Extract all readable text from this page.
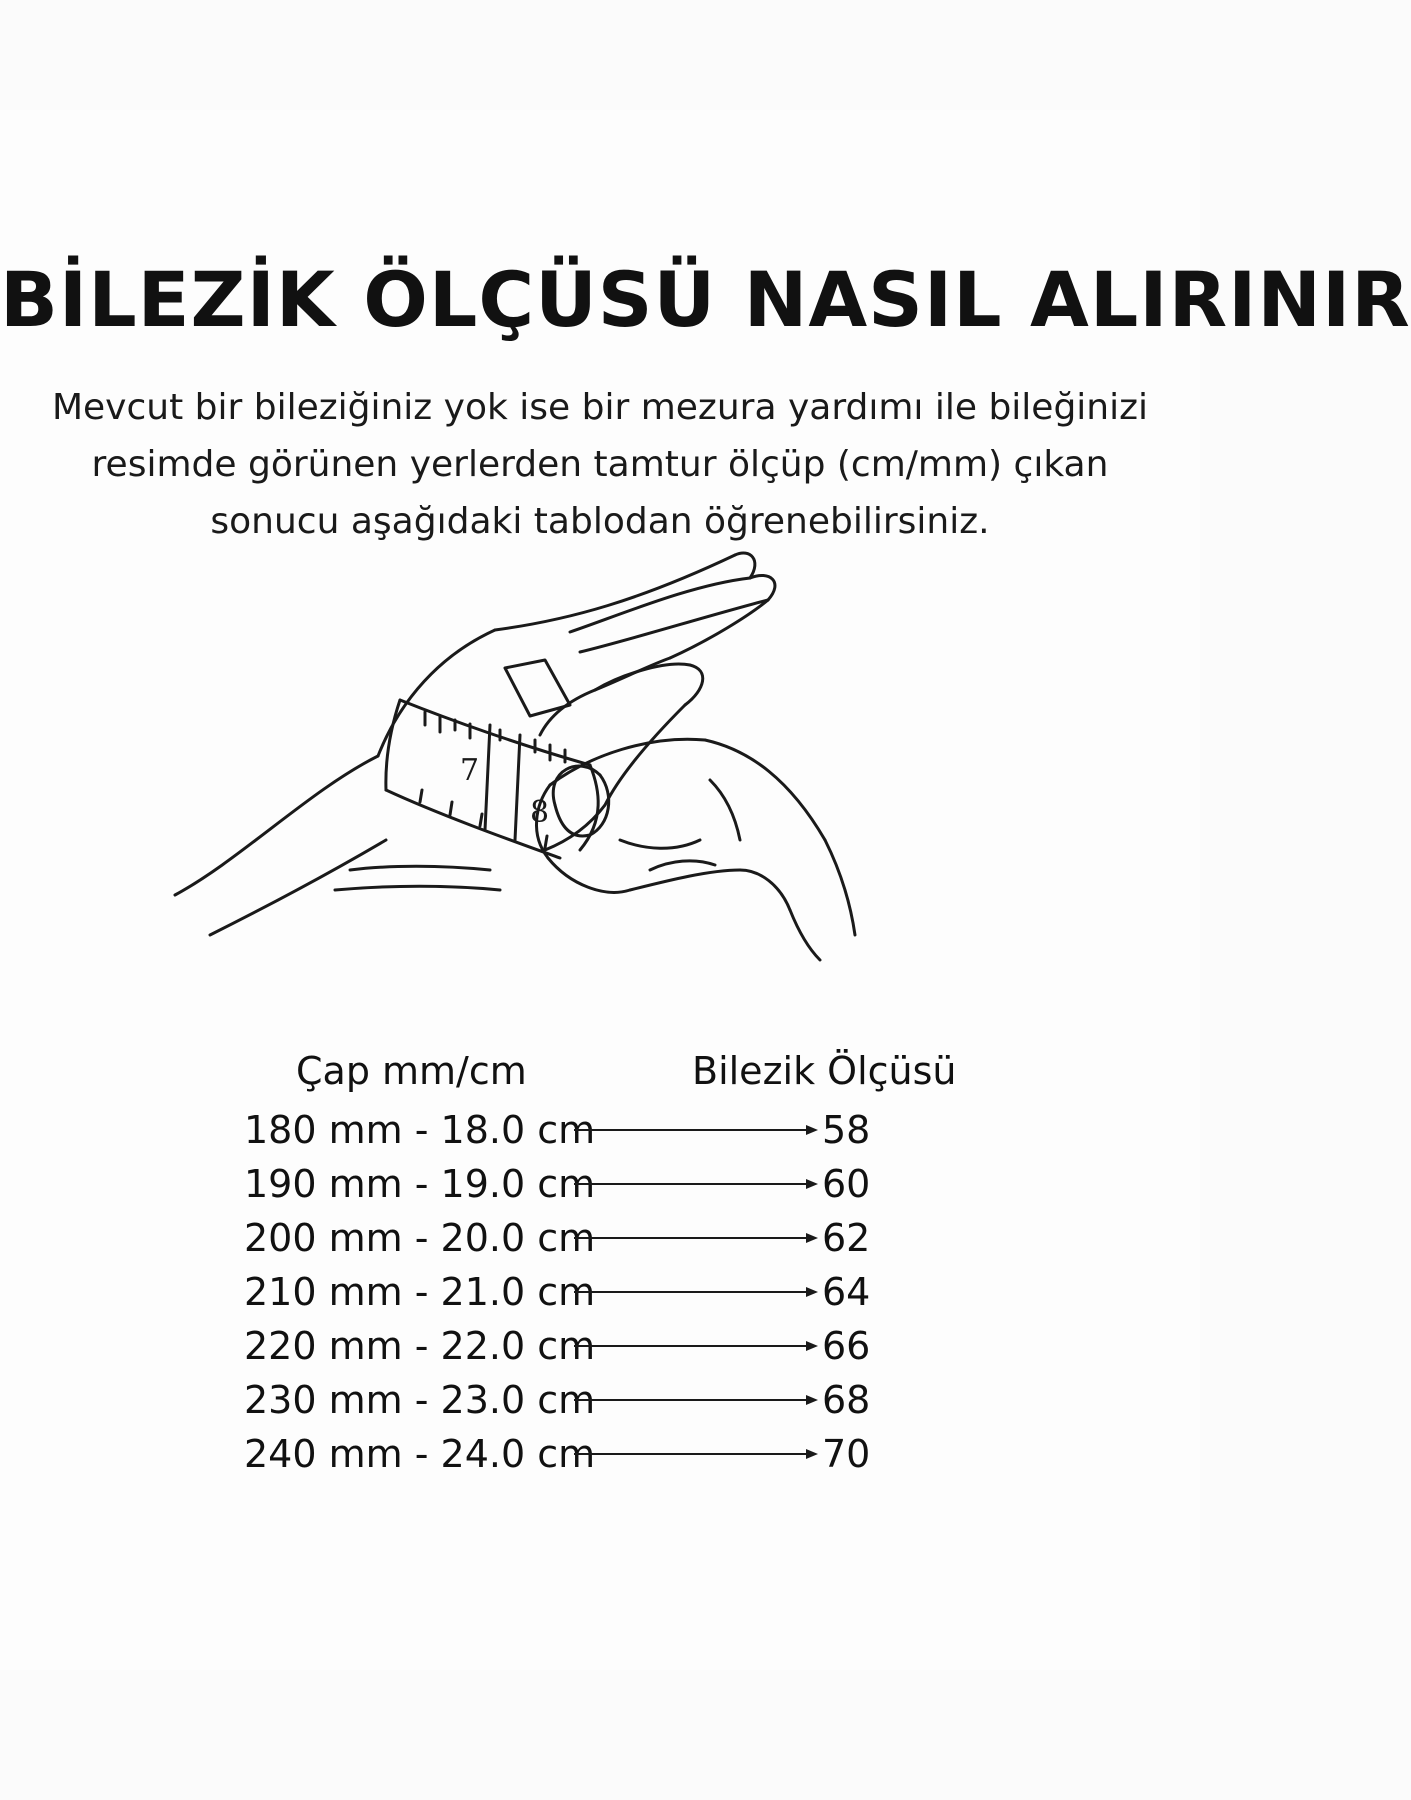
BİLEZİK ÖLÇÜSÜ NASIL ALIRINIR
Mevcut bir bileziğiniz yok ise bir mezura yardımı ile bileğinizi
resimde görünen yerlerden tamtur ölçüp (cm/mm) çıkan
sonucu aşağıdaki tablodan öğrenebilirsiniz.
7
8
Çap mm/cm	Bilezik Ölçüsü
180 mm - 18.0 cm	58
190 mm - 19.0 cm	60
200 mm - 20.0 cm	62
210 mm - 21.0 cm	64
220 mm - 22.0 cm	66
230 mm - 23.0 cm	68
240 mm - 24.0 cm	70
